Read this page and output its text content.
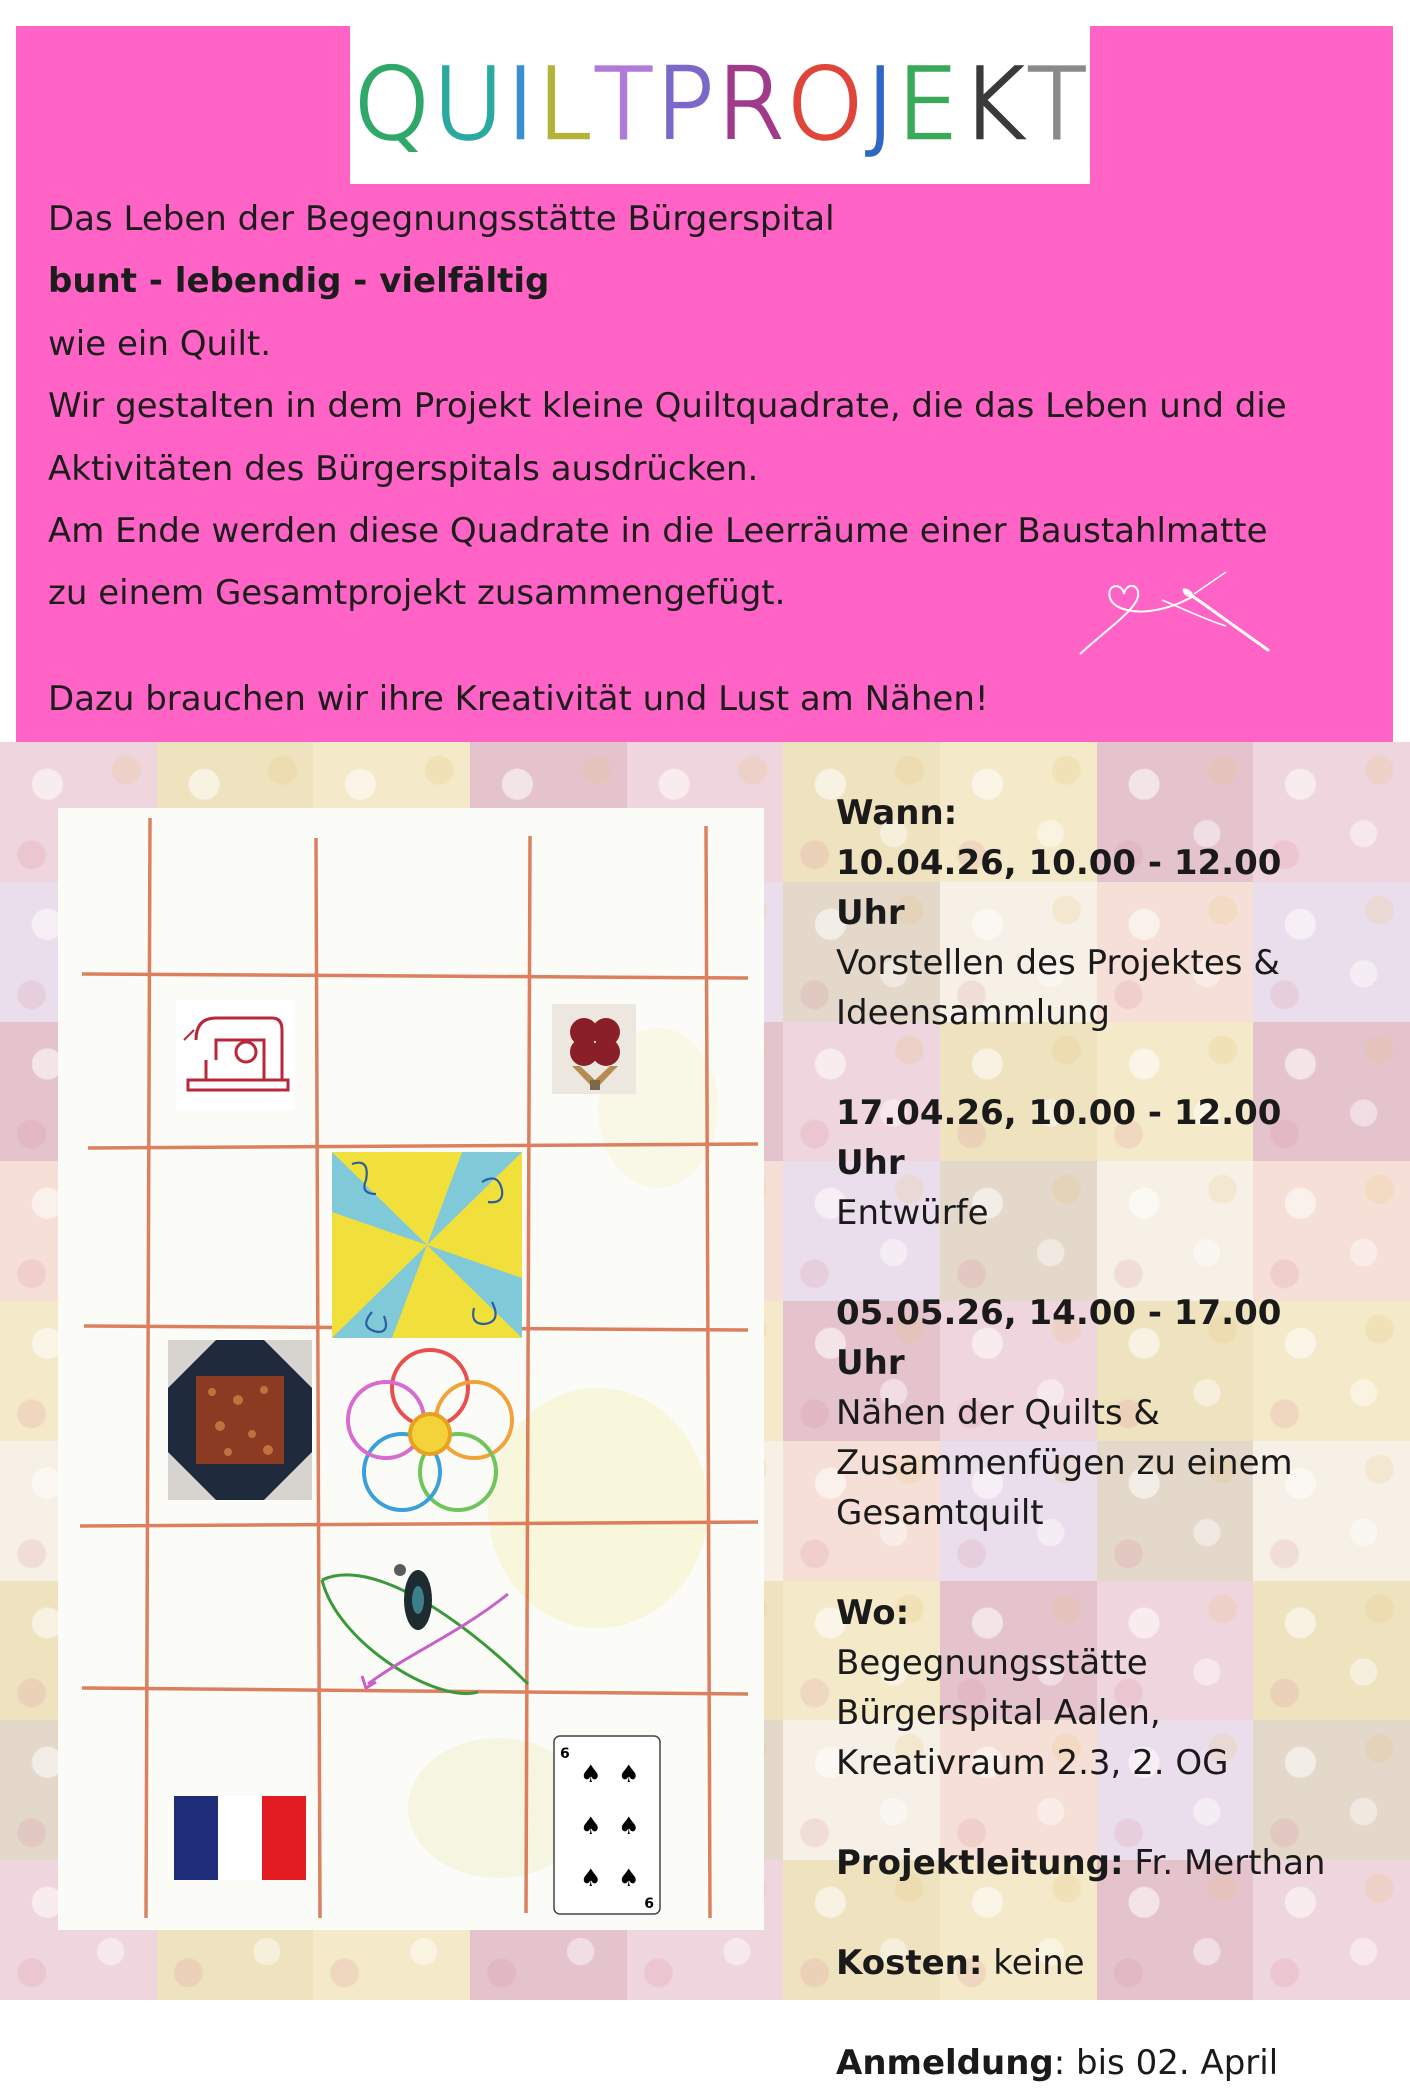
Q U I L T P R O J E K T

Das Leben der Begegnungsstätte Bürgerspital

bunt - lebendig - vielfältig

wie ein Quilt.

Wir gestalten in dem Projekt kleine Quiltquadrate, die das Leben und die

Aktivitäten des Bürgerspitals ausdrücken.

Am Ende werden diese Quadrate in die Leerräume einer Baustahlmatte

zu einem Gesamtprojekt zusammengefügt.

Dazu brauchen wir ihre Kreativität und Lust am Nähen!

6
6
♠ ♠
♠ ♠
♠ ♠

Wann:

10.04.26, 10.00 - 12.00 Uhr

Vorstellen des Projektes &

Ideensammlung

17.04.26, 10.00 - 12.00 Uhr

Entwürfe

05.05.26, 14.00 - 17.00 Uhr

Nähen der Quilts &

Zusammenfügen zu einem

Gesamtquilt

Wo:

Begegnungsstätte

Bürgerspital Aalen,

Kreativraum 2.3, 2. OG

Projektleitung: Fr. Merthan

Kosten: keine

Anmeldung: bis 02. April
